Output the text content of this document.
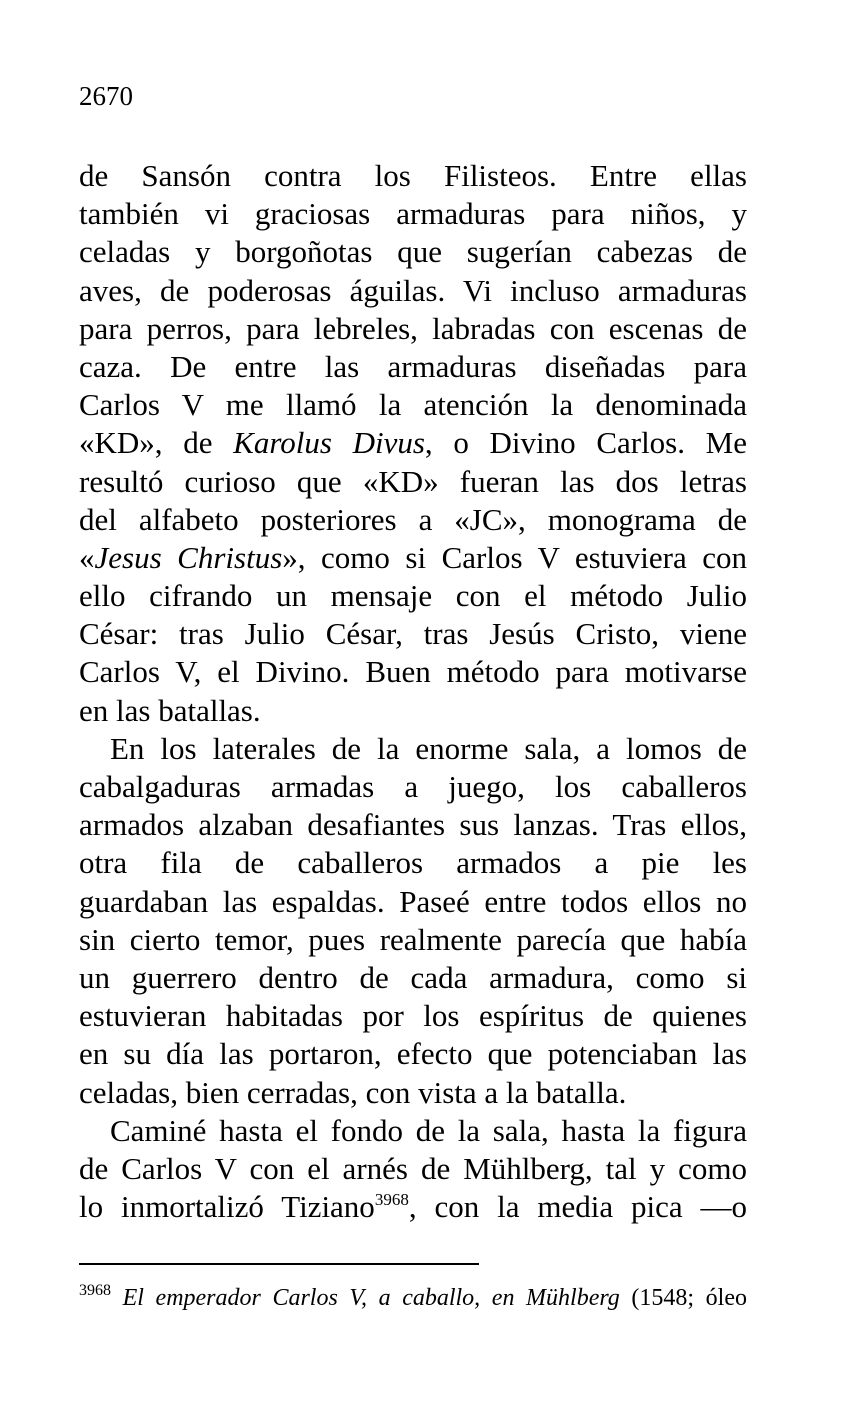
2670
de Sansón contra los Filisteos. Entre ellas
también vi graciosas armaduras para niños, y
celadas y borgoñotas que sugerían cabezas de
aves, de poderosas águilas. Vi incluso armaduras
para perros, para lebreles, labradas con escenas de
caza. De entre las armaduras diseñadas para
Carlos V me llamó la atención la denominada
«KD», de Karolus Divus, o Divino Carlos. Me
resultó curioso que «KD» fueran las dos letras
del alfabeto posteriores a «JC», monograma de
«Jesus Christus», como si Carlos V estuviera con
ello cifrando un mensaje con el método Julio
César: tras Julio César, tras Jesús Cristo, viene
Carlos V, el Divino. Buen método para motivarse
en las batallas.
En los laterales de la enorme sala, a lomos de
cabalgaduras armadas a juego, los caballeros
armados alzaban desafiantes sus lanzas. Tras ellos,
otra fila de caballeros armados a pie les
guardaban las espaldas. Paseé entre todos ellos no
sin cierto temor, pues realmente parecía que había
un guerrero dentro de cada armadura, como si
estuvieran habitadas por los espíritus de quienes
en su día las portaron, efecto que potenciaban las
celadas, bien cerradas, con vista a la batalla.
Caminé hasta el fondo de la sala, hasta la figura
de Carlos V con el arnés de Mühlberg, tal y como
lo inmortalizó Tiziano$^{3968}$, con la media pica —o
$^{3968}$ El emperador Carlos V, a caballo, en Mühlberg (1548; óleo
